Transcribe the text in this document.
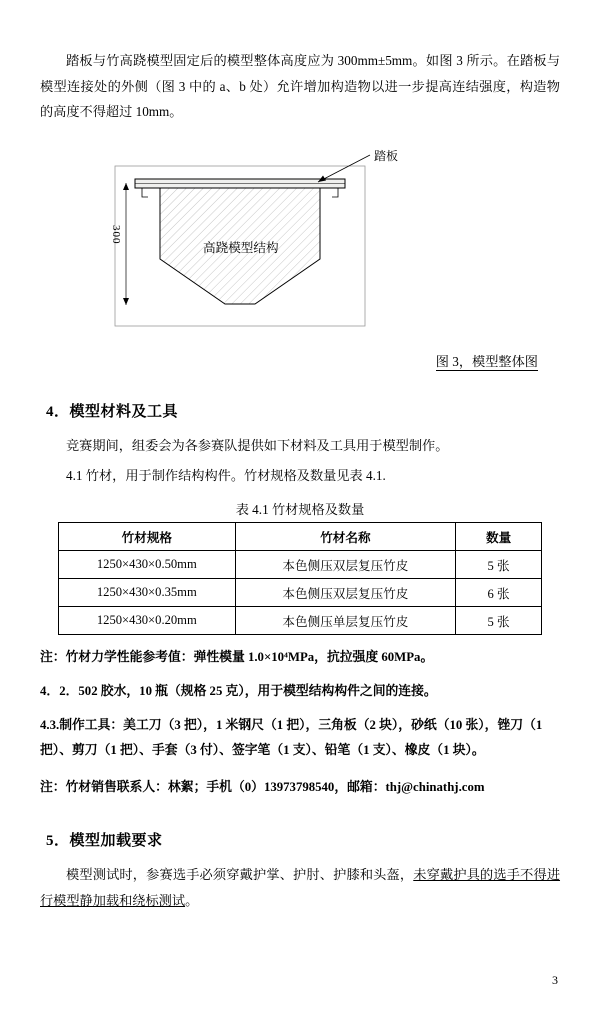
踏板与竹高跷模型固定后的模型整体高度应为 300mm±5mm。如图 3 所示。在踏板与模型连接处的外侧（图 3 中的 a、b 处）允许增加构造物以进一步提高连结强度，构造物的高度不得超过 10mm。

300
踏板
高跷模型结构
图 3，模型整体图
4．模型材料及工具

竞赛期间，组委会为各参赛队提供如下材料及工具用于模型制作。

4.1 竹材，用于制作结构构件。竹材规格及数量见表 4.1.

表 4.1 竹材规格及数量
竹材规格	竹材名称	数量
1250×430×0.50mm	本色侧压双层复压竹皮	5 张
1250×430×0.35mm	本色侧压双层复压竹皮	6 张
1250×430×0.20mm	本色侧压单层复压竹皮	5 张

注：竹材力学性能参考值：弹性模量 1.0×10⁴MPa，抗拉强度 60MPa。

4．2．502 胶水，10 瓶（规格 25 克），用于模型结构构件之间的连接。

4.3.制作工具：美工刀（3 把），1 米钢尺（1 把），三角板（2 块），砂纸（10 张），锉刀（1 把）、剪刀（1 把）、手套（3 付）、签字笔（1 支）、铅笔（1 支）、橡皮（1 块）。

注：竹材销售联系人：林絮；手机（0）13973798540，邮箱：thj@chinathj.com

5．模型加载要求

模型测试时，参赛选手必须穿戴护掌、护肘、护膝和头盔，未穿戴护具的选手不得进行模型静加载和绕标测试。

3
